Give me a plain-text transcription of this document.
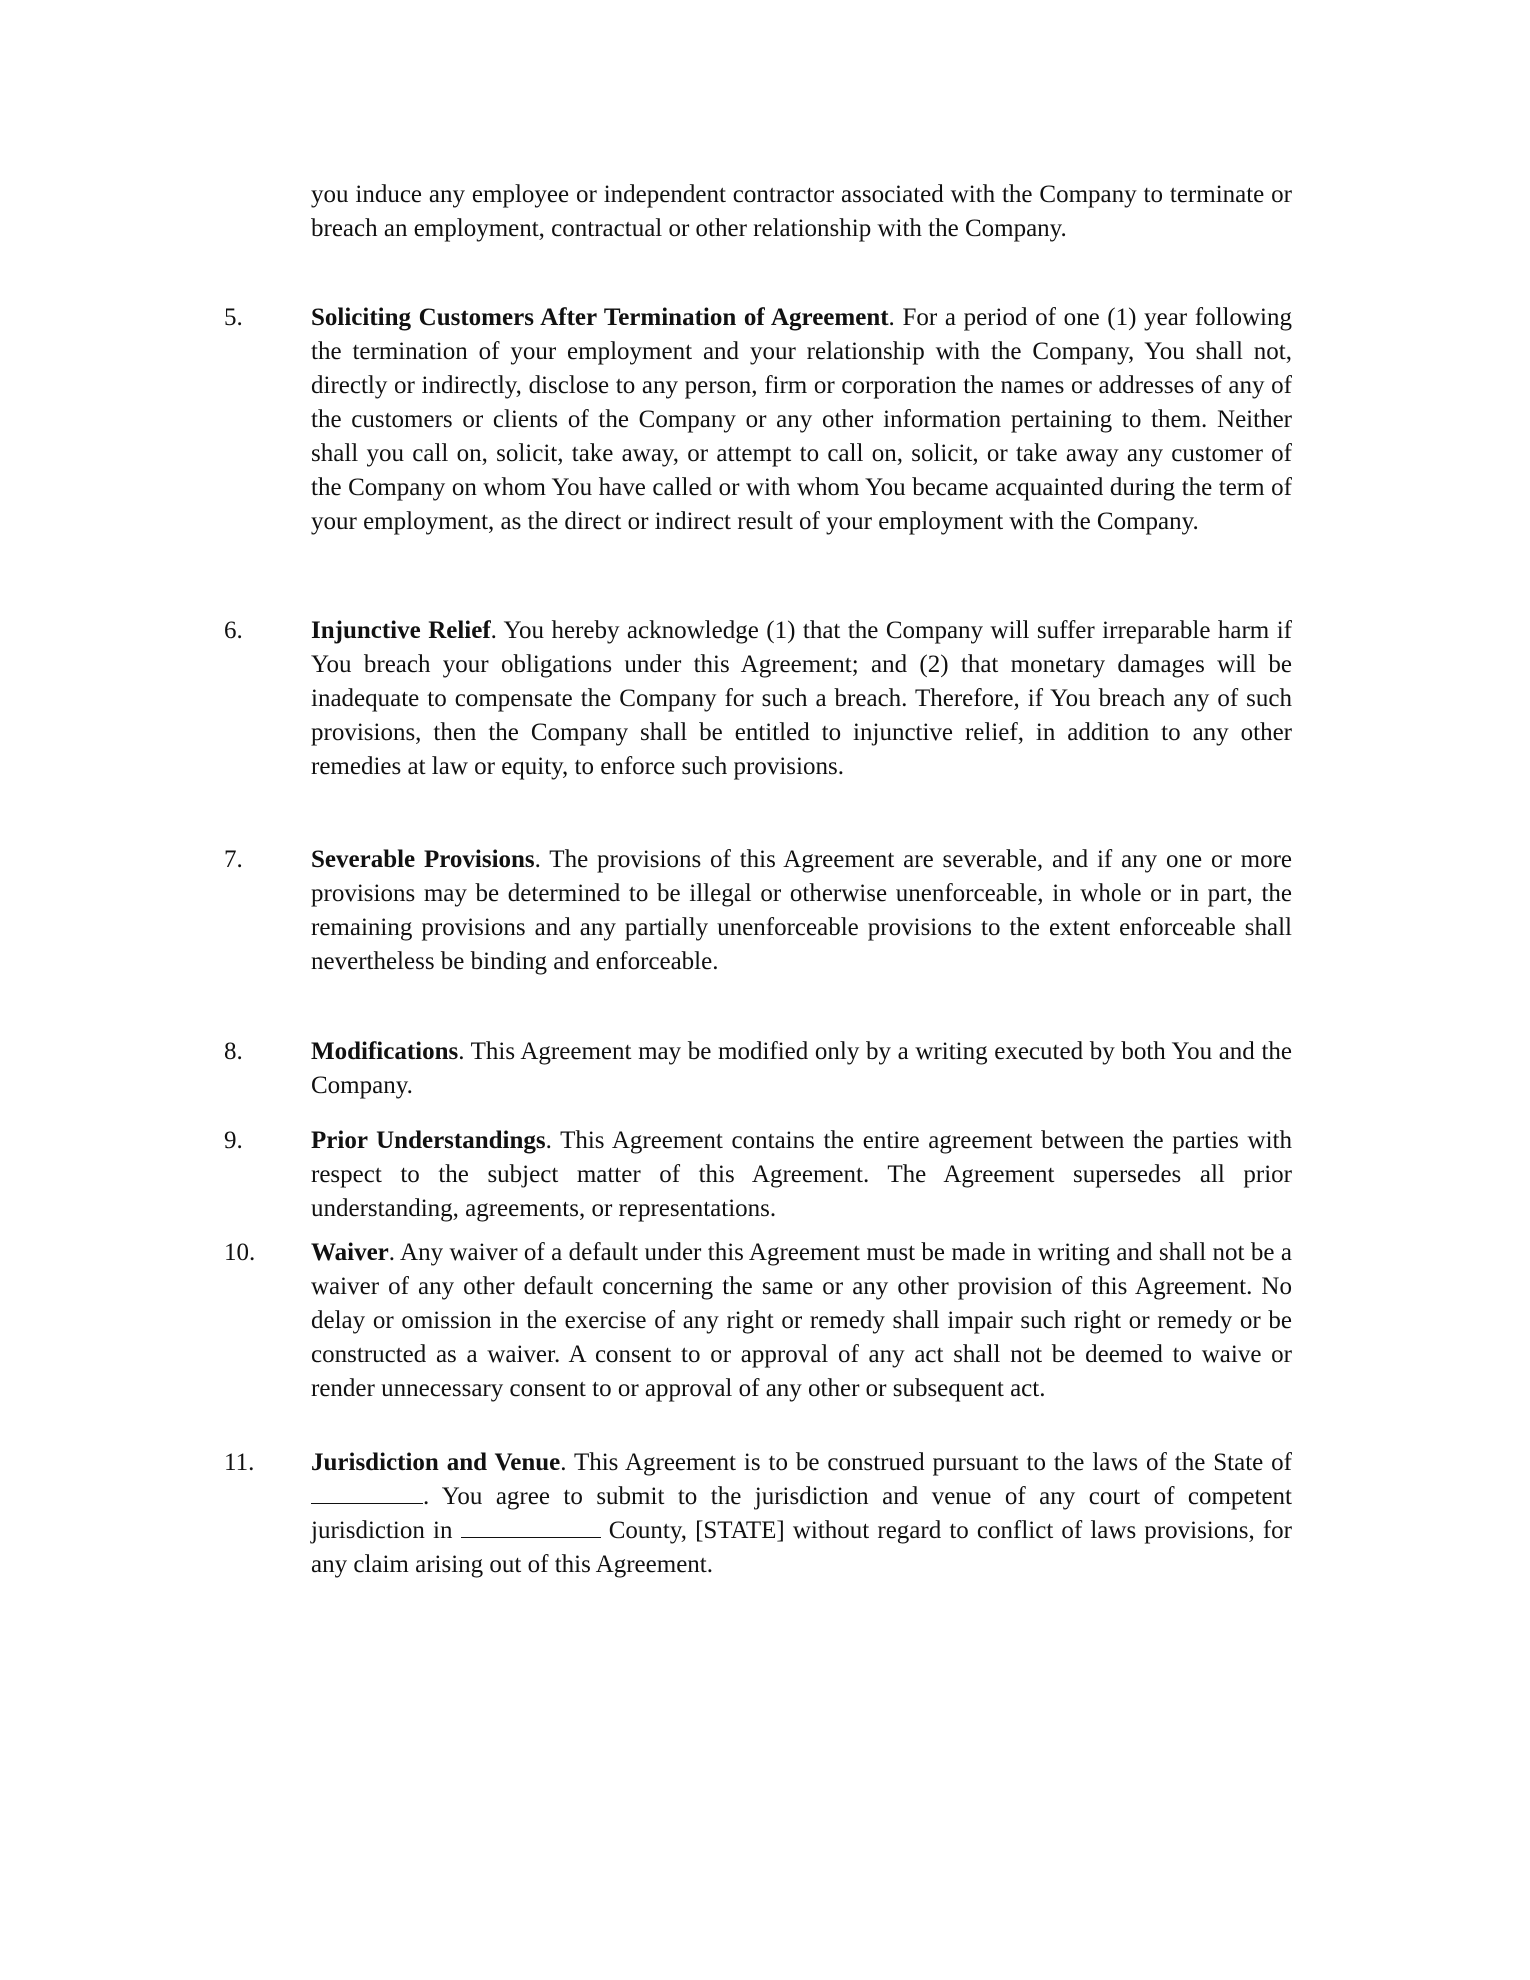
you induce any employee or independent contractor associated with the Company to terminate or breach an employment, contractual or other relationship with the Company.

5.	Soliciting Customers After Termination of Agreement. For a period of one (1) year following the termination of your employment and your relationship with the Company, You shall not, directly or indirectly, disclose to any person, firm or corporation the names or addresses of any of the customers or clients of the Company or any other information pertaining to them. Neither shall you call on, solicit, take away, or attempt to call on, solicit, or take away any customer of the Company on whom You have called or with whom You became acquainted during the term of your employment, as the direct or indirect result of your employment with the Company.
6.	Injunctive Relief. You hereby acknowledge (1) that the Company will suffer irreparable harm if You breach your obligations under this Agreement; and (2) that monetary damages will be inadequate to compensate the Company for such a breach. Therefore, if You breach any of such provisions, then the Company shall be entitled to injunctive relief, in addition to any other remedies at law or equity, to enforce such provisions.
7.	Severable Provisions. The provisions of this Agreement are severable, and if any one or more provisions may be determined to be illegal or otherwise unenforceable, in whole or in part, the remaining provisions and any partially unenforceable provisions to the extent enforceable shall nevertheless be binding and enforceable.
8.	Modifications. This Agreement may be modified only by a writing executed by both You and the Company.
9.	Prior Understandings. This Agreement contains the entire agreement between the parties with respect to the subject matter of this Agreement. The Agreement supersedes all prior understanding, agreements, or representations.
10.	Waiver. Any waiver of a default under this Agreement must be made in writing and shall not be a waiver of any other default concerning the same or any other provision of this Agreement. No delay or omission in the exercise of any right or remedy shall impair such right or remedy or be constructed as a waiver. A consent to or approval of any act shall not be deemed to waive or render unnecessary consent to or approval of any other or subsequent act.
11.	Jurisdiction and Venue. This Agreement is to be construed pursuant to the laws of the State of . You agree to submit to the jurisdiction and venue of any court of competent jurisdiction in	County, [STATE] without regard to conflict of laws provisions, for any claim arising out of this Agreement.
